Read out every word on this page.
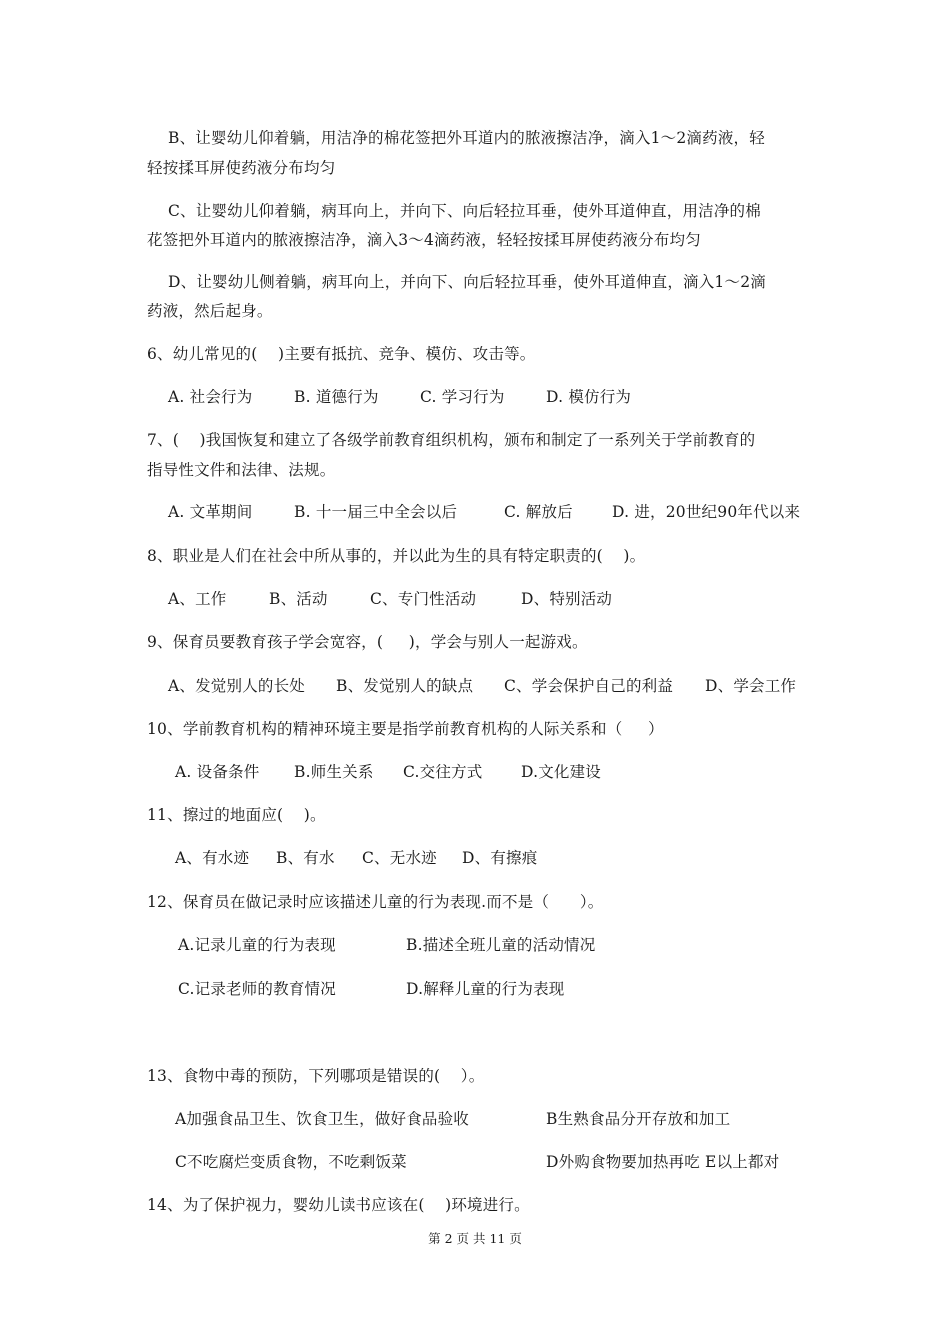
B、让婴幼儿仰着躺，用洁净的棉花签把外耳道内的脓液擦洁净，滴入1～2滴药液，轻
轻按揉耳屏使药液分布均匀
C、让婴幼儿仰着躺，病耳向上，并向下、向后轻拉耳垂，使外耳道伸直，用洁净的棉
花签把外耳道内的脓液擦洁净，滴入3～4滴药液，轻轻按揉耳屏使药液分布均匀
D、让婴幼儿侧着躺，病耳向上，并向下、向后轻拉耳垂，使外耳道伸直，滴入1～2滴
药液，然后起身。
6、幼儿常见的(    )主要有抵抗、竞争、模仿、攻击等。
A. 社会行为	B. 道德行为	C. 学习行为	D. 模仿行为
7、(    )我国恢复和建立了各级学前教育组织机构，颁布和制定了一系列关于学前教育的
指导性文件和法律、法规。
A. 文革期间	B. 十一届三中全会以后	C. 解放后	D. 进，20世纪90年代以来
8、职业是人们在社会中所从事的，并以此为生的具有特定职责的(    )。
A、工作	B、活动	C、专门性活动	D、特别活动
9、保育员要教育孩子学会宽容，(     )，学会与别人一起游戏。
A、发觉别人的长处 B、发觉别人的缺点 C、学会保护自己的利益 D、学会工作
10、学前教育机构的精神环境主要是指学前教育机构的人际关系和（     ）
A. 设备条件 B.师生关系 C.交往方式 D.文化建设
11、擦过的地面应(    )。
A、有水迹 B、有水 C、无水迹 D、有擦痕
12、保育员在做记录时应该描述儿童的行为表现.而不是（      ）。
A.记录儿童的行为表现	B.描述全班儿童的活动情况
C.记录老师的教育情况	D.解释儿童的行为表现
13、食物中毒的预防，下列哪项是错误的(    ）。
A加强食品卫生、饮食卫生，做好食品验收	B生熟食品分开存放和加工
C不吃腐烂变质食物，不吃剩饭菜	D外购食物要加热再吃 E以上都对
14、为了保护视力，婴幼儿读书应该在(    )环境进行。
第 2 页 共 11 页
